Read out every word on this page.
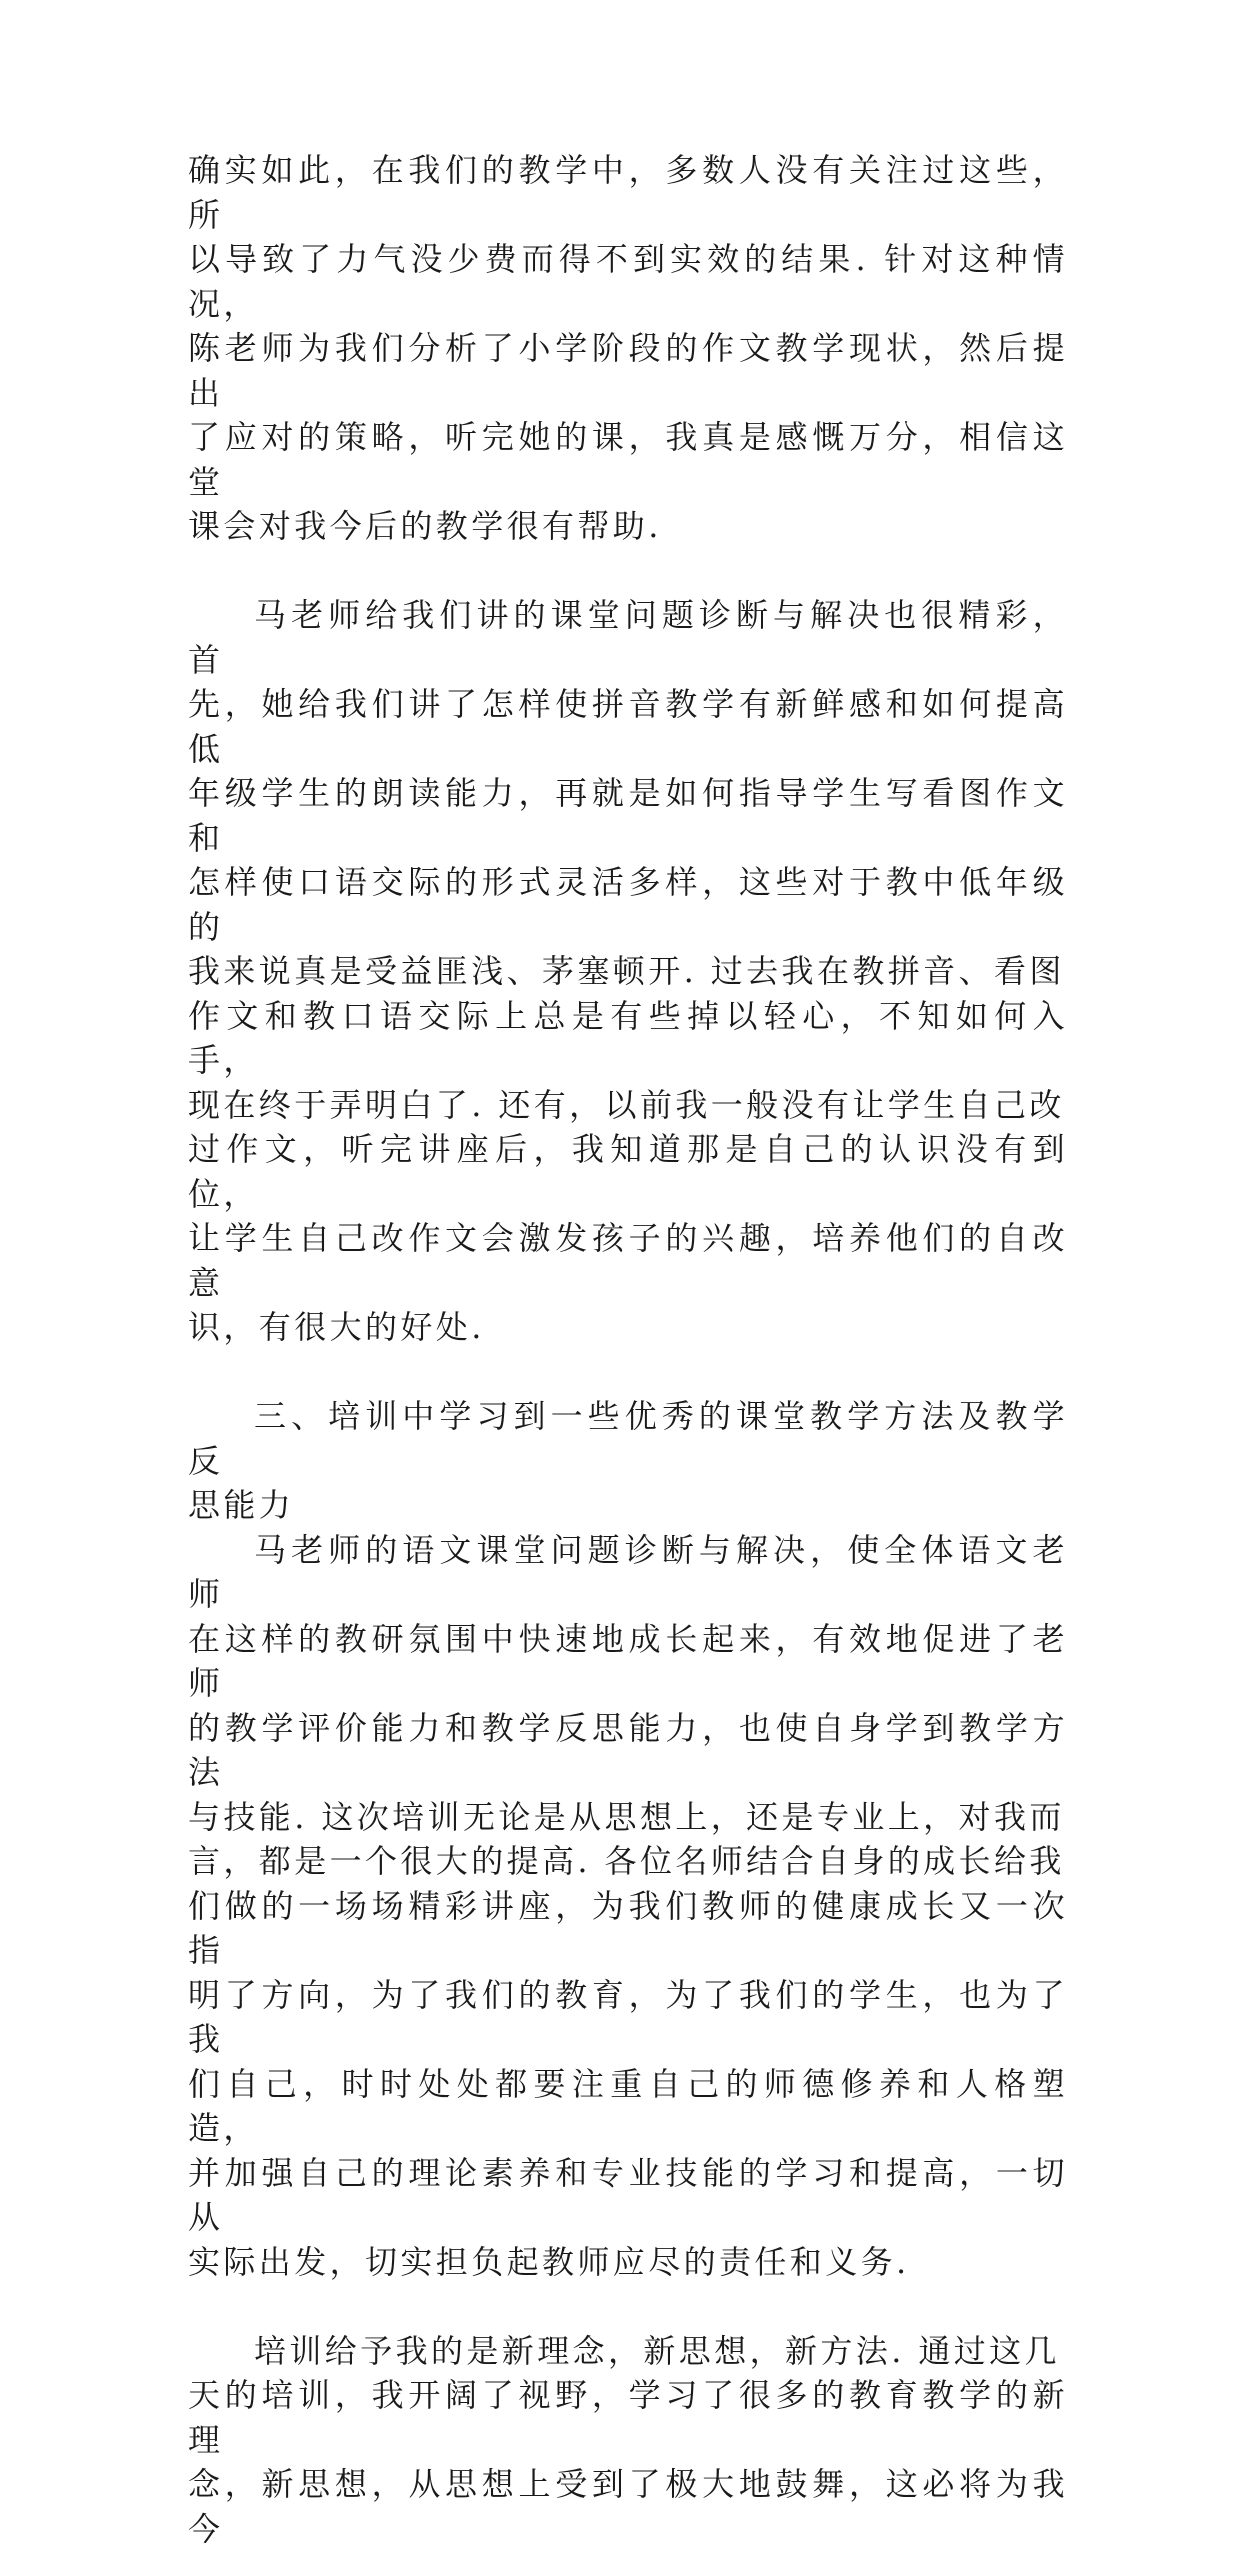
确实如此，在我们的教学中，多数人没有关注过这些，所
以导致了力气没少费而得不到实效的结果. 针对这种情况，
陈老师为我们分析了小学阶段的作文教学现状，然后提出
了应对的策略，听完她的课，我真是感慨万分，相信这堂
课会对我今后的教学很有帮助.

马老师给我们讲的课堂问题诊断与解决也很精彩，首
先，她给我们讲了怎样使拼音教学有新鲜感和如何提高低
年级学生的朗读能力，再就是如何指导学生写看图作文和
怎样使口语交际的形式灵活多样，这些对于教中低年级的
我来说真是受益匪浅、茅塞顿开. 过去我在教拼音、看图
作文和教口语交际上总是有些掉以轻心，不知如何入手，
现在终于弄明白了. 还有，以前我一般没有让学生自己改
过作文，听完讲座后，我知道那是自己的认识没有到位，
让学生自己改作文会激发孩子的兴趣，培养他们的自改意
识，有很大的好处.

三、培训中学习到一些优秀的课堂教学方法及教学反
思能力

马老师的语文课堂问题诊断与解决，使全体语文老师
在这样的教研氛围中快速地成长起来，有效地促进了老师
的教学评价能力和教学反思能力，也使自身学到教学方法
与技能. 这次培训无论是从思想上，还是专业上，对我而
言，都是一个很大的提高. 各位名师结合自身的成长给我
们做的一场场精彩讲座，为我们教师的健康成长又一次指
明了方向，为了我们的教育，为了我们的学生，也为了我
们自己，时时处处都要注重自己的师德修养和人格塑造，
并加强自己的理论素养和专业技能的学习和提高，一切从
实际出发，切实担负起教师应尽的责任和义务.

培训给予我的是新理念，新思想，新方法. 通过这几
天的培训，我开阔了视野，学习了很多的教育教学的新理
念，新思想，从思想上受到了极大地鼓舞，这必将为我今
